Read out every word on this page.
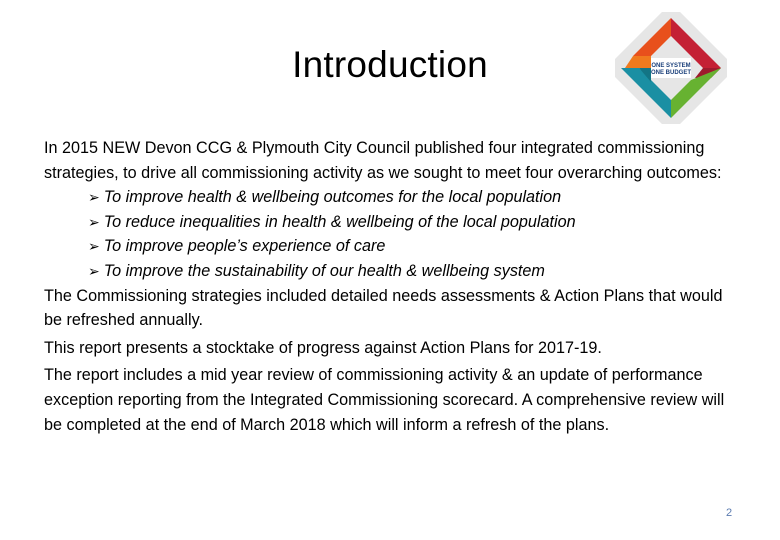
Introduction	ONE SYSTEM
ONE BUDGET

In 2015 NEW Devon CCG & Plymouth City Council published four integrated commissioning strategies, to drive all commissioning activity as we sought to meet four overarching outcomes:

➢ To improve health & wellbeing outcomes for the local population

➢ To reduce inequalities in health & wellbeing of the local population

➢ To improve people’s experience of care

➢ To improve the sustainability of our health & wellbeing system

The Commissioning strategies included detailed needs assessments & Action Plans that would be refreshed annually.

This report presents a stocktake of progress against Action Plans for 2017-19.

The report includes a mid year review of commissioning activity & an update of performance exception reporting from the Integrated Commissioning scorecard. A comprehensive review will be completed at the end of March 2018 which will inform a refresh of the plans.

2
